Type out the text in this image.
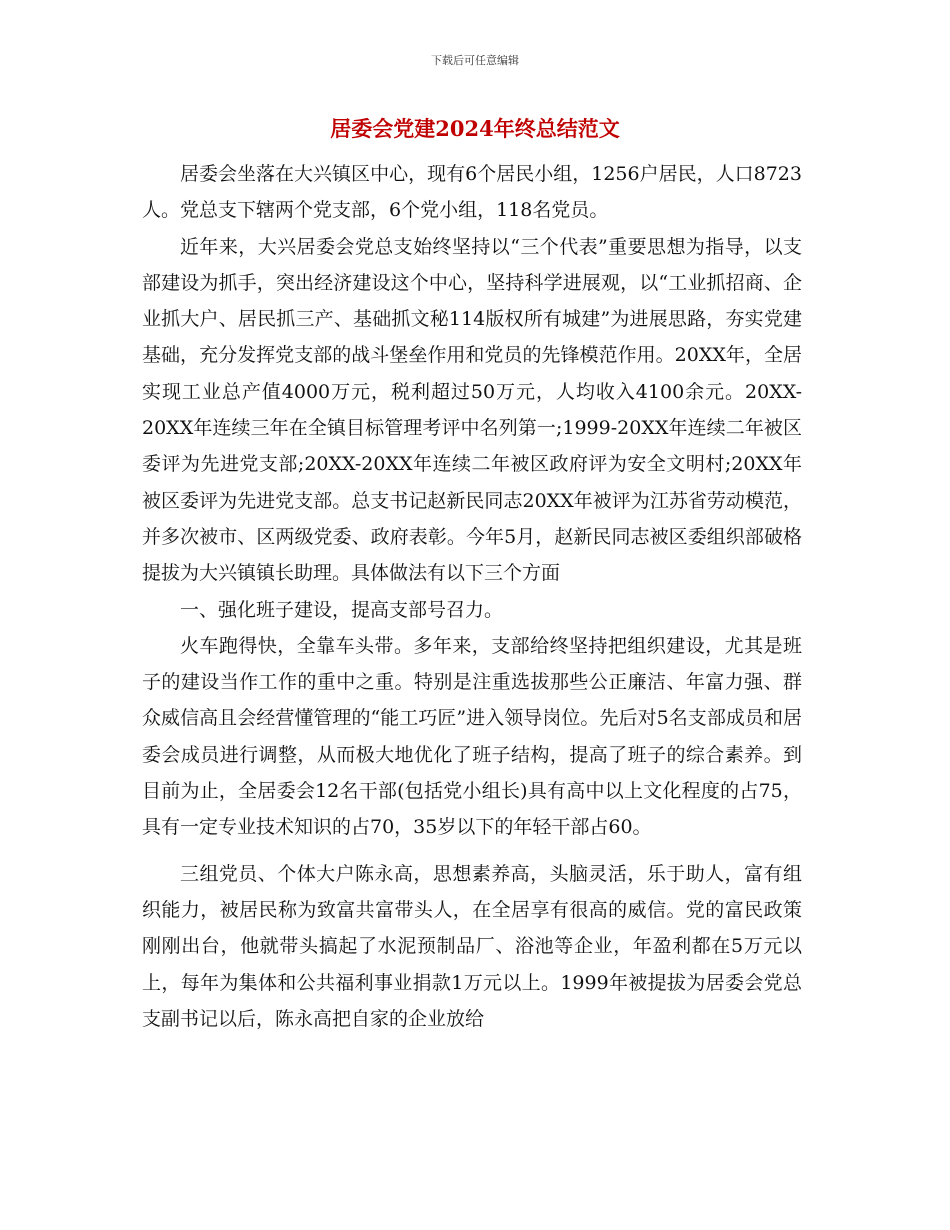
下载后可任意编辑
居委会党建2024年终总结范文

居委会坐落在大兴镇区中心，现有6个居民小组，1256户居民，人口8723人。党总支下辖两个党支部，6个党小组，118名党员。

近年来，大兴居委会党总支始终坚持以“三个代表”重要思想为指导，以支部建设为抓手，突出经济建设这个中心，坚持科学进展观，以“工业抓招商、企业抓大户、居民抓三产、基础抓文秘114版权所有城建”为进展思路，夯实党建基础，充分发挥党支部的战斗堡垒作用和党员的先锋模范作用。20XX年，全居实现工业总产值4000万元，税利超过50万元，人均收入4100余元。20XX-20XX年连续三年在全镇目标管理考评中名列第一;1999-20XX年连续二年被区委评为先进党支部;20XX-20XX年连续二年被区政府评为安全文明村;20XX年被区委评为先进党支部。总支书记赵新民同志20XX年被评为江苏省劳动模范，并多次被市、区两级党委、政府表彰。今年5月，赵新民同志被区委组织部破格提拔为大兴镇镇长助理。具体做法有以下三个方面

一、强化班子建设，提高支部号召力。

火车跑得快，全靠车头带。多年来，支部给终坚持把组织建设，尤其是班子的建设当作工作的重中之重。特别是注重选拔那些公正廉洁、年富力强、群众威信高且会经营懂管理的“能工巧匠”进入领导岗位。先后对5名支部成员和居委会成员进行调整，从而极大地优化了班子结构，提高了班子的综合素养。到目前为止，全居委会12名干部(包括党小组长)具有高中以上文化程度的占75，具有一定专业技术知识的占70，35岁以下的年轻干部占60。

三组党员、个体大户陈永高，思想素养高，头脑灵活，乐于助人，富有组织能力，被居民称为致富共富带头人，在全居享有很高的威信。党的富民政策刚刚出台，他就带头搞起了水泥预制品厂、浴池等企业，年盈利都在5万元以上，每年为集体和公共福利事业捐款1万元以上。1999年被提拔为居委会党总支副书记以后，陈永高把自家的企业放给
